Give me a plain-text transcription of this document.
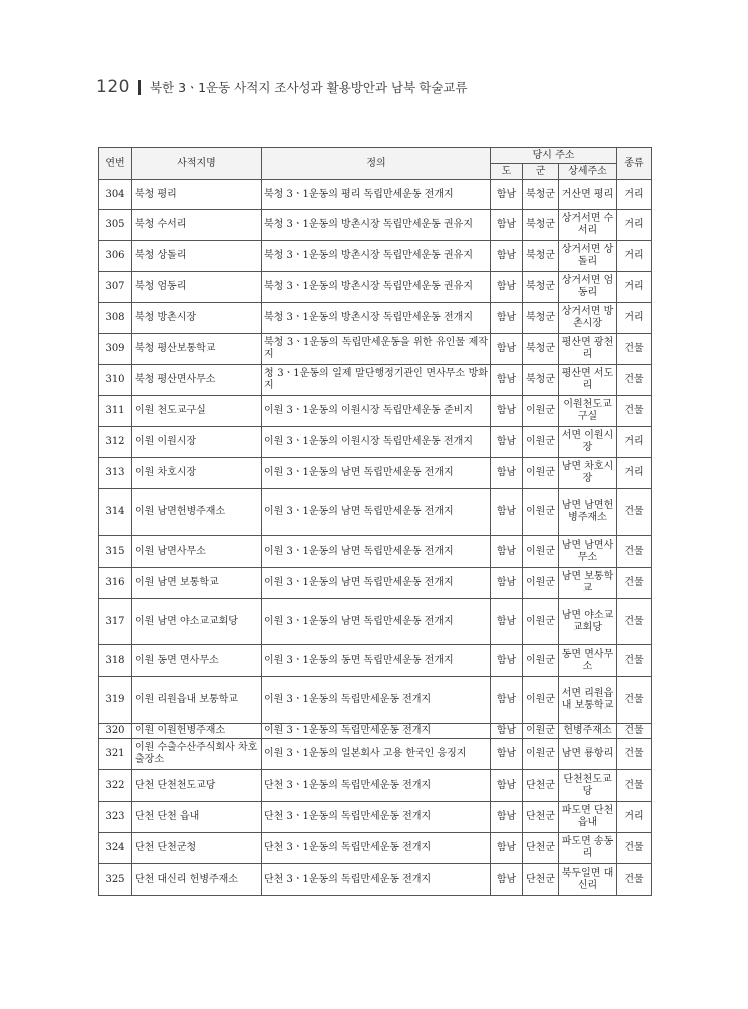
120 북한 3ㆍ1운동 사적지 조사성과 활용방안과 남북 학술교류
연번	사적지명	정의	당시 주소			종류
			도	군	상세주소	
304	북청 평리	북청 3ㆍ1운동의 평리 독립만세운동 전개지	함남	북청군	거산면 평리	거리
305	북청 수서리	북청 3ㆍ1운동의 방촌시장 독립만세운동 권유지	함남	북청군	상거서면 수서리	거리
306	북청 상돌리	북청 3ㆍ1운동의 방촌시장 독립만세운동 권유지	함남	북청군	상거서면 상돌리	거리
307	북청 엄동리	북청 3ㆍ1운동의 방촌시장 독립만세운동 권유지	함남	북청군	상거서면 엄동리	거리
308	북청 방촌시장	북청 3ㆍ1운동의 방촌시장 독립만세운동 전개지	함남	북청군	상거서면 방촌시장	거리
309	북청 평산보통학교	북청 3ㆍ1운동의 독립만세운동을 위한 유인물 제작지	함남	북청군	평산면 광천리	건물
310	북청 평산면사무소	청 3ㆍ1운동의 일제 말단행정기관인 면사무소 방화지	함남	북청군	평산면 서도리	건물
311	이원 천도교구실	이원 3ㆍ1운동의 이원시장 독립만세운동 준비지	함남	이원군	이원천도교 구실	건물
312	이원 이원시장	이원 3ㆍ1운동의 이원시장 독립만세운동 전개지	함남	이원군	서면 이원시장	거리
313	이원 차호시장	이원 3ㆍ1운동의 남면 독립만세운동 전개지	함남	이원군	남면 차호시장	거리
314	이원 남면헌병주재소	이원 3ㆍ1운동의 남면 독립만세운동 전개지	함남	이원군	남면 남면헌병주재소	건물
315	이원 남면사무소	이원 3ㆍ1운동의 남면 독립만세운동 전개지	함남	이원군	남면 남면사무소	건물
316	이원 남면 보통학교	이원 3ㆍ1운동의 남면 독립만세운동 전개지	함남	이원군	남면 보통학교	건물
317	이원 남면 야소교교회당	이원 3ㆍ1운동의 남면 독립만세운동 전개지	함남	이원군	남면 야소교 교회당	건물
318	이원 동면 면사무소	이원 3ㆍ1운동의 동면 독립만세운동 전개지	함남	이원군	동면 면사무소	건물
319	이원 리원읍내 보통학교	이원 3ㆍ1운동의 독립만세운동 전개지	함남	이원군	서면 리원읍내 보통학교	건물
320	이원 이원헌병주재소	이원 3ㆍ1운동의 독립만세운동 전개지	함남	이원군	헌병주재소	건물
321	이원 수출수산주식회사 차호출장소	이원 3ㆍ1운동의 일본회사 고용 한국인 응징지	함남	이원군	남면 룡항리	건물
322	단천 단천천도교당	단천 3ㆍ1운동의 독립만세운동 전개지	함남	단천군	단천천도교당	건물
323	단천 단천 읍내	단천 3ㆍ1운동의 독립만세운동 전개지	함남	단천군	파도면 단천 읍내	거리
324	단천 단천군청	단천 3ㆍ1운동의 독립만세운동 전개지	함남	단천군	파도면 송동리	건물
325	단천 대신리 헌병주재소	단천 3ㆍ1운동의 독립만세운동 전개지	함남	단천군	북두일면 대신리	건물
